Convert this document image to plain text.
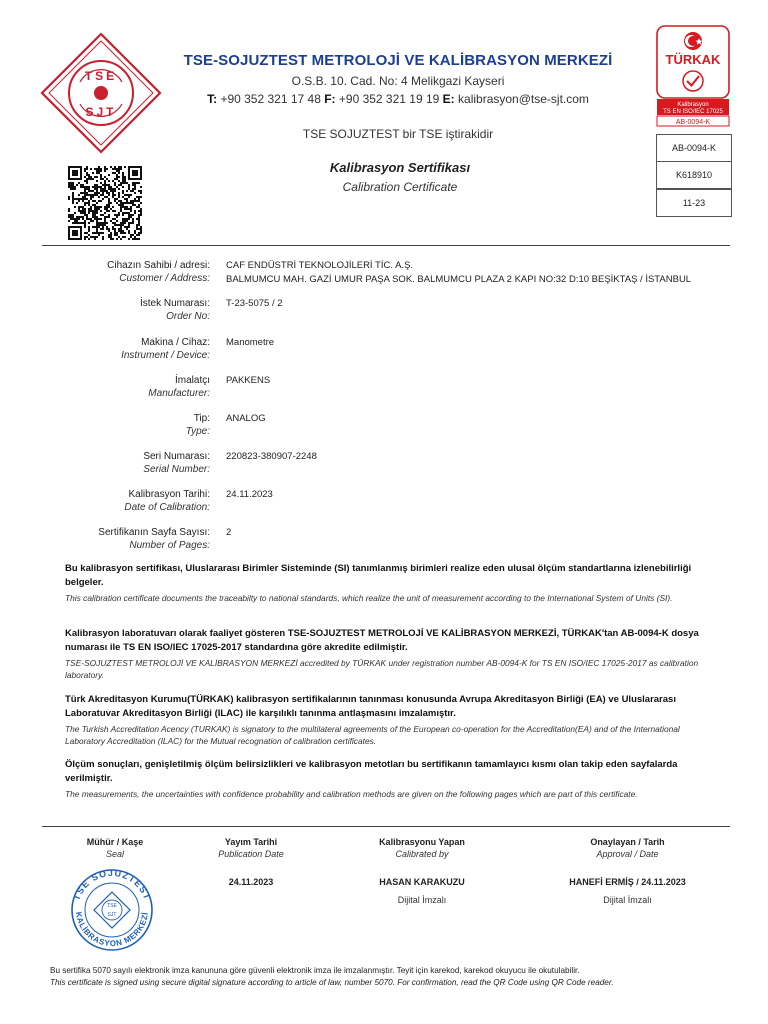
TSE
SJT
TSE-SOJUZTEST METROLOJİ VE KALİBRASYON MERKEZİ
O.S.B. 10. Cad. No: 4 Melikgazi Kayseri
T: +90 352 321 17 48 F: +90 352 321 19 19 E: kalibrasyon@tse-sjt.com
TSE SOJUZTEST bir TSE iştirakidir
TÜRKAK
Kalibrasyon
TS EN ISO/IEC 17025
AB-0094-K
AB-0094-K
K618910
11-23
Kalibrasyon Sertifikası
Calibration Certificate
Cihazın Sahibi / adresi:
Customer / Address:
CAF ENDÜSTRİ TEKNOLOJİLERİ TİC. A.Ş.
BALMUMCU MAH. GAZİ UMUR PAŞA SOK. BALMUMCU PLAZA 2 KAPI NO:32 D:10 BEŞİKTAŞ / İSTANBUL
İstek Numarası:
Order No:
T-23-5075 / 2
Makina / Cihaz:
Instrument / Device:
Manometre
İmalatçı
Manufacturer:
PAKKENS
Tip:
Type:
ANALOG
Seri Numarası:
Serial Number:
220823-380907-2248
Kalibrasyon Tarihi:
Date of Calibration:
24.11.2023
Sertifikanın Sayfa Sayısı:
Number of Pages:
2
Bu kalibrasyon sertifikası, Uluslararası Birimler Sisteminde (SI) tanımlanmış birimleri realize eden ulusal ölçüm standartlarına izlenebilirliği belgeler.
This calibration certificate documents the traceabilty to national standards, which realize the unit of measurement according to the International System of Units (SI).
Kalibrasyon laboratuvarı olarak faaliyet gösteren TSE-SOJUZTEST METROLOJİ VE KALİBRASYON MERKEZİ, TÜRKAK'tan AB-0094-K dosya numarası ile TS EN ISO/IEC 17025-2017 standardına göre akredite edilmiştir.
TSE-SOJUZTEST METROLOJİ VE KALİBRASYON MERKEZİ accredited by TÜRKAK under registration number AB-0094-K for TS EN ISO/IEC 17025-2017 as calibration laboratory.
Türk Akreditasyon Kurumu(TÜRKAK) kalibrasyon sertifikalarının tanınması konusunda Avrupa Akreditasyon Birliği (EA) ve Uluslararası Laboratuvar Akreditasyon Birliği (ILAC) ile karşılıklı tanınma antlaşmasını imzalamıştır.
The Turkish Accreditation Acency (TURKAK) is signatory to the multilateral agreements of the European co-operation for the Accreditation(EA) and of the International Laboratory Accreditation (ILAC) for the Mutual recognation of calibration certificates.
Ölçüm sonuçları, genişletilmiş ölçüm belirsizlikleri ve kalibrasyon metotları bu sertifikanın tamamlayıcı kısmı olan takip eden sayfalarda verilmiştir.
The measurements, the uncertainties with confidence probability and calibration methods are given on the following pages which are part of this certificate.
Mühür / Kaşe
Seal
Yayım Tarihi
Publication Date
24.11.2023
Kalibrasyonu Yapan
Calibrated by
HASAN KARAKUZU
Dijital İmzalı
Onaylayan / Tarih
Approval / Date
HANEFİ ERMİŞ / 24.11.2023
Dijital İmzalı
TSE SOJUZTEST
KALİBRASYON MERKEZİ
TSE
SJT
Bu sertifika 5070 sayılı elektronik imza kanununa göre güvenli elektronik imza ile imzalanmıştır. Teyit için karekod, karekod okuyucu ile okutulabilir.
This certificate is signed using secure digital signature according to article of law, number 5070. For confirmation, read the QR Code using QR Code reader.
